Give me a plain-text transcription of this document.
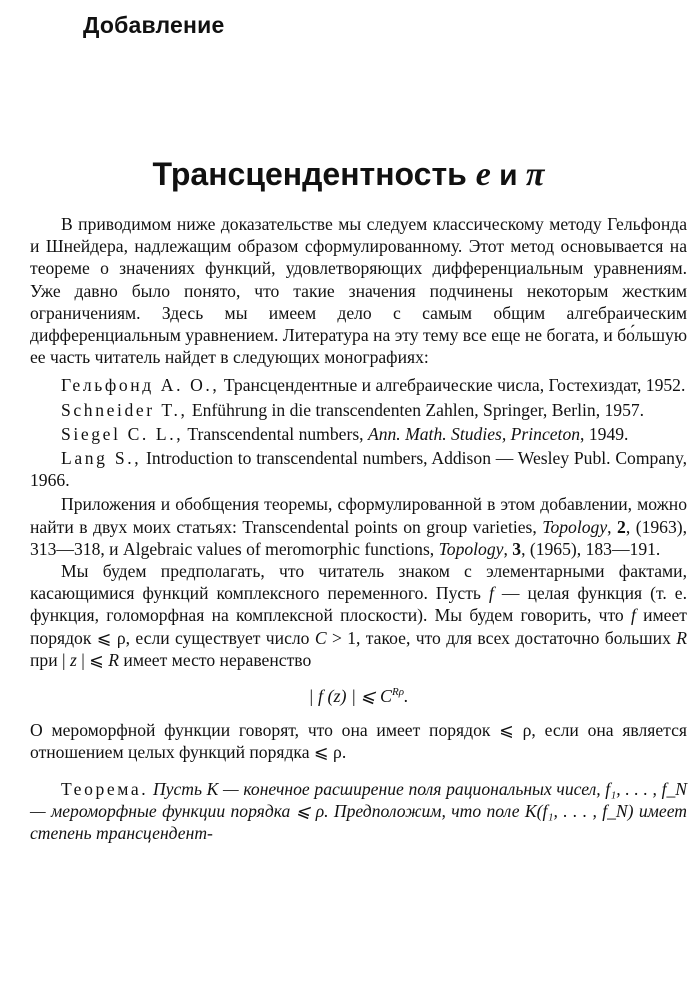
Добавление
Трансцендентность e и π

В приводимом ниже доказательстве мы следуем классическому методу Гельфонда и Шнейдера, надлежащим образом сформулированному. Этот метод основывается на теореме о значениях функций, удовлетворяющих дифференциальным уравнениям. Уже давно было понято, что такие значения подчинены некоторым жестким ограничениям. Здесь мы имеем дело с самым общим алгебраическим дифференциальным уравнением. Литература на эту тему все еще не богата, и бо́льшую ее часть читатель найдет в следующих монографиях:

Гельфонд А. О., Трансцендентные и алгебраические числа, Гостехиздат, 1952.

Schneider T., Enführung in die transcendenten Zahlen, Springer, Berlin, 1957.

Siegel C. L., Transcendental numbers, Ann. Math. Studies, Princeton, 1949.

Lang S., Introduction to transcendental numbers, Addison — Wesley Publ. Company, 1966.

Приложения и обобщения теоремы, сформулированной в этом добавлении, можно найти в двух моих статьях: Transcendental points on group varieties, Topology, 2, (1963), 313—318, и Algebraic values of meromorphic functions, Topology, 3, (1965), 183—191.

Мы будем предполагать, что читатель знаком с элементарными фактами, касающимися функций комплексного переменного. Пусть f — целая функция (т. е. функция, голоморфная на комплексной плоскости). Мы будем говорить, что f имеет порядок ⩽ ρ, если существует число C > 1, такое, что для всех достаточно больших R при | z | ⩽ R имеет место неравенство

| f (z) | ⩽ $C^{R\rho}$.

О мероморфной функции говорят, что она имеет порядок ⩽ ρ, если она является отношением целых функций порядка ⩽ ρ.

Теорема. Пусть K — конечное расширение поля рациональных чисел, f₁, . . . , f_N — мероморфные функции порядка ⩽ ρ. Предположим, что поле K(f₁, . . . , f_N) имеет степень трансцендент-
